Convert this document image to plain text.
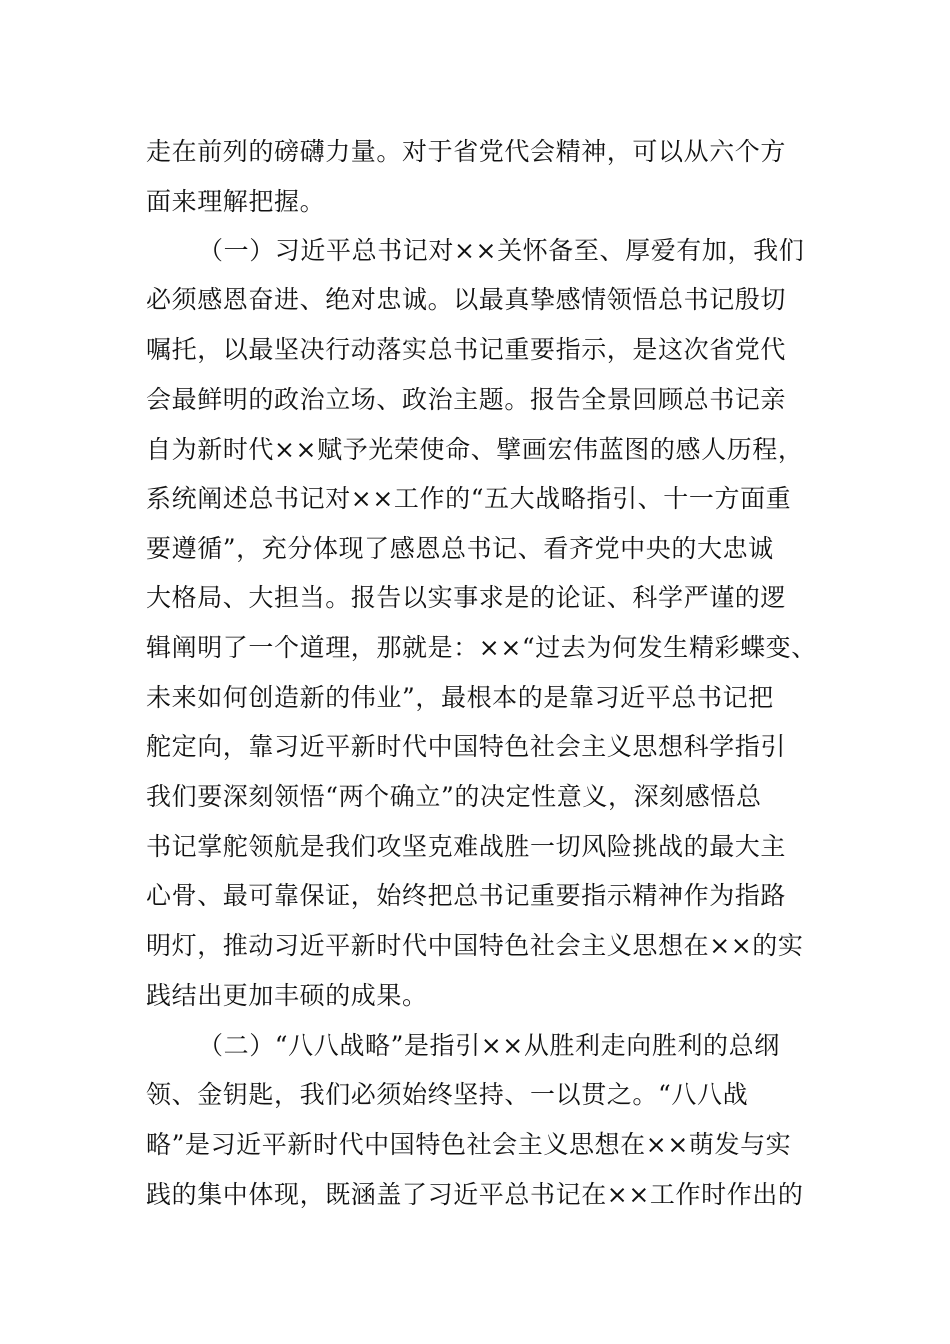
走在前列的磅礴力量。对于省党代会精神，可以从六个方
面来理解把握。
（一）习近平总书记对××关怀备至、厚爱有加，我们
必须感恩奋进、绝对忠诚。以最真挚感情领悟总书记殷切
嘱托，以最坚决行动落实总书记重要指示，是这次省党代
会最鲜明的政治立场、政治主题。报告全景回顾总书记亲
自为新时代××赋予光荣使命、擘画宏伟蓝图的感人历程，
系统阐述总书记对××工作的“五大战略指引、十一方面重
要遵循”，充分体现了感恩总书记、看齐党中央的大忠诚
大格局、大担当。报告以实事求是的论证、科学严谨的逻
辑阐明了一个道理，那就是：××“过去为何发生精彩蝶变、
未来如何创造新的伟业”，最根本的是靠习近平总书记把
舵定向，靠习近平新时代中国特色社会主义思想科学指引
我们要深刻领悟“两个确立”的决定性意义，深刻感悟总
书记掌舵领航是我们攻坚克难战胜一切风险挑战的最大主
心骨、最可靠保证，始终把总书记重要指示精神作为指路
明灯，推动习近平新时代中国特色社会主义思想在××的实
践结出更加丰硕的成果。
（二）“八八战略”是指引××从胜利走向胜利的总纲
领、金钥匙，我们必须始终坚持、一以贯之。“八八战
略”是习近平新时代中国特色社会主义思想在××萌发与实
践的集中体现，既涵盖了习近平总书记在××工作时作出的
